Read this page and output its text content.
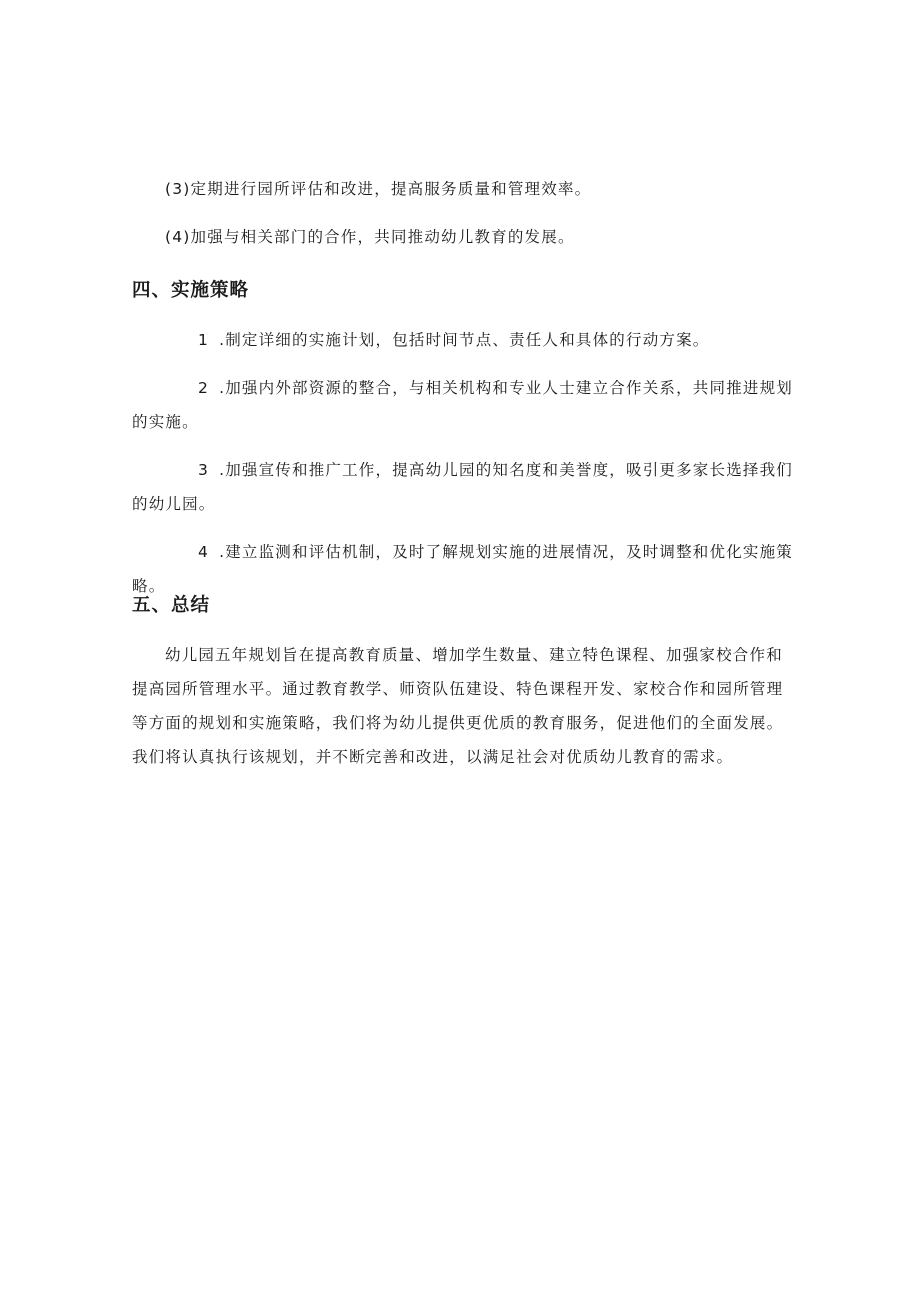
(3)定期进行园所评估和改进，提高服务质量和管理效率。

(4)加强与相关部门的合作，共同推动幼儿教育的发展。

四、实施策略

1 .制定详细的实施计划，包括时间节点、责任人和具体的行动方案。

2 .加强内外部资源的整合，与相关机构和专业人士建立合作关系，共同推进规划的实施。

3 .加强宣传和推广工作，提高幼儿园的知名度和美誉度，吸引更多家长选择我们的幼儿园。

4 .建立监测和评估机制，及时了解规划实施的进展情况，及时调整和优化实施策略。

五、总结

幼儿园五年规划旨在提高教育质量、增加学生数量、建立特色课程、加强家校合作和提高园所管理水平。通过教育教学、师资队伍建设、特色课程开发、家校合作和园所管理等方面的规划和实施策略，我们将为幼儿提供更优质的教育服务，促进他们的全面发展。我们将认真执行该规划，并不断完善和改进，以满足社会对优质幼儿教育的需求。
